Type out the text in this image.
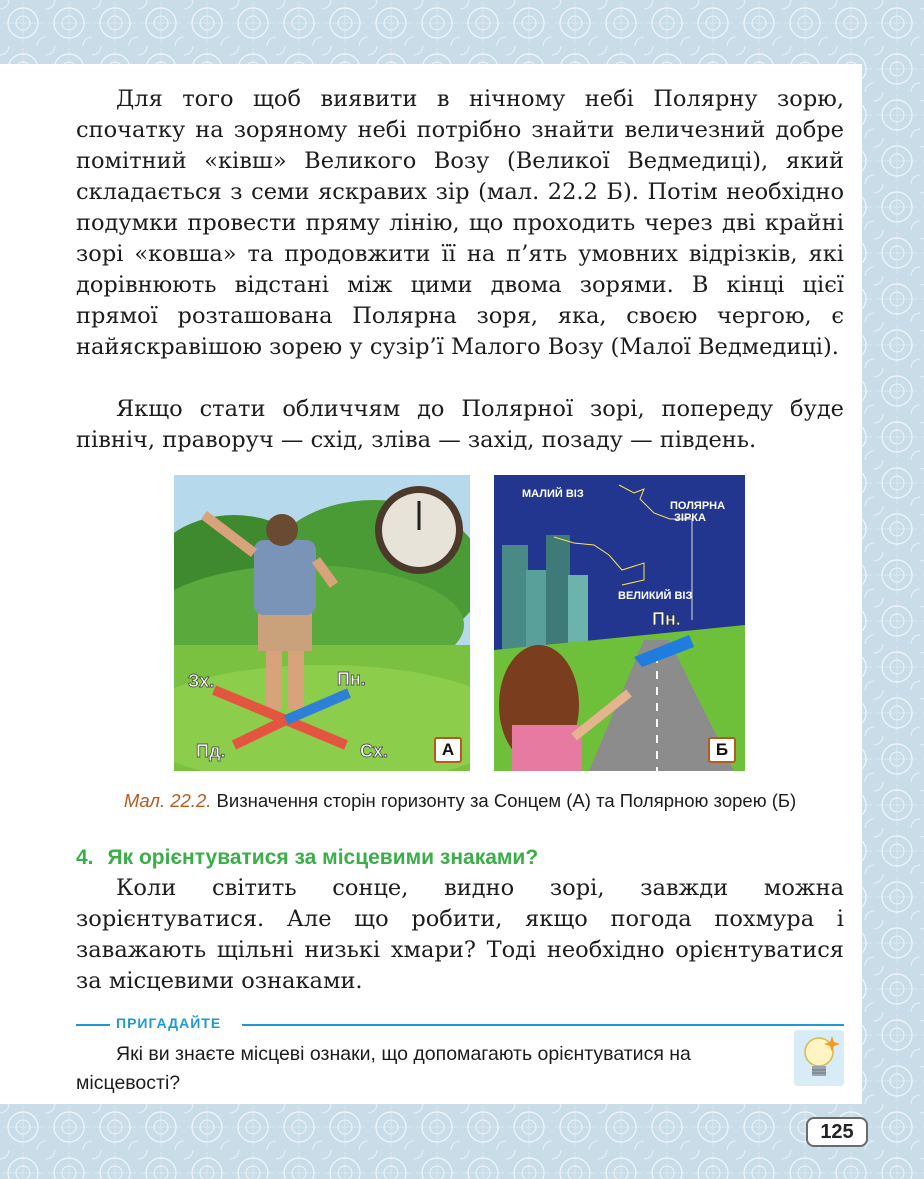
Для того щоб виявити в нічному небі Полярну зорю, спочатку на зоряному небі потрібно знайти величезний добре помітний «ківш» Великого Возу (Великої Ведмедиці), який складається з семи яскравих зір (мал. 22.2 Б). Потім необхідно подумки провести пряму лінію, що проходить через дві крайні зорі «ковша» та продовжити її на п’ять умовних відрізків, які дорівнюють відстані між цими двома зорями. В кінці цієї прямої розташована Полярна зоря, яка, своєю чергою, є найяскравішою зорею у сузір’ї Малого Возу (Малої Ведмедиці).

Якщо стати обличчям до Полярної зорі, попереду буде північ, праворуч — схід, зліва — захід, позаду — південь.

Зх.	Пн.
Пд.	Сх.	А
МАЛИЙ ВІЗ
ПОЛЯРНА
ЗІРКА
ВЕЛИКИЙ ВІЗ
Пн.
Б
Мал. 22.2. Визначення сторін горизонту за Сонцем (А) та Полярною зорею (Б)
4. Як орієнтуватися за місцевими знаками?

Коли світить сонце, видно зорі, завжди можна зорієнтуватися. Але що робити, якщо погода похмура і заважають щільні низькі хмари? Тоді необхідно орієнтуватися за місцевими ознаками.

ПРИГАДАЙТЕ

Які ви знаєте місцеві ознаки, що допомагають орієнтуватися на місцевості?

125
